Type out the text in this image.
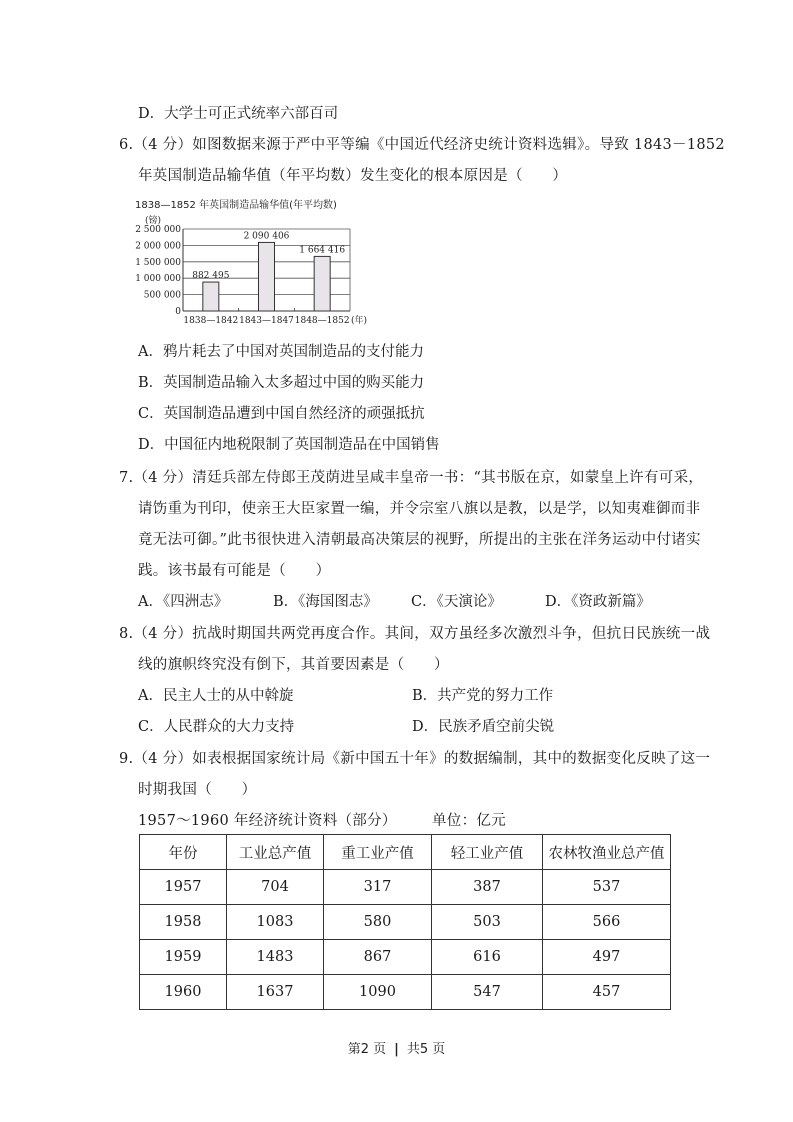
D．大学士可正式统率六部百司
6.（4 分）如图数据来源于严中平等编《中国近代经济史统计资料选辑》。导致 1843－1852
年英国制造品输华值（年平均数）发生变化的根本原因是（　　）
1838—1852 年英国制造品输华值(年平均数)
(镑)
0
500 000
1 000 000
1 500 000
2 000 000
2 500 000
882 495
1838—1842
2 090 406
1843—1847
1 664 416
1848—1852 (年)
A．鸦片耗去了中国对英国制造品的支付能力
B．英国制造品输入太多超过中国的购买能力
C．英国制造品遭到中国自然经济的顽强抵抗
D．中国征内地税限制了英国制造品在中国销售
7.（4 分）清廷兵部左侍郎王茂荫进呈咸丰皇帝一书：“其书版在京，如蒙皇上许有可采，
请饬重为刊印，使亲王大臣家置一编，并令宗室八旗以是教，以是学，以知夷难御而非
竟无法可御。”此书很快进入清朝最高决策层的视野，所提出的主张在洋务运动中付诸实
践。该书最有可能是（　　）
A．《四洲志》	B．《海国图志》 C．《天演论》	D．《资政新篇》
8.（4 分）抗战时期国共两党再度合作。其间，双方虽经多次激烈斗争，但抗日民族统一战
线的旗帜终究没有倒下，其首要因素是（　　）
A．民主人士的从中斡旋	B．共产党的努力工作
C．人民群众的大力支持	D．民族矛盾空前尖锐
9.（4 分）如表根据国家统计局《新中国五十年》的数据编制，其中的数据变化反映了这一
时期我国（　　）
1957～1960 年经济统计资料（部分） 单位：亿元
年份	工业总产值	重工业产值	轻工业产值	农林牧渔业总产值
1957	704	317	387	537
1958	1083	580	503	566
1959	1483	867	616	497
1960	1637	1090	547	457
第2 页 | 共5 页
